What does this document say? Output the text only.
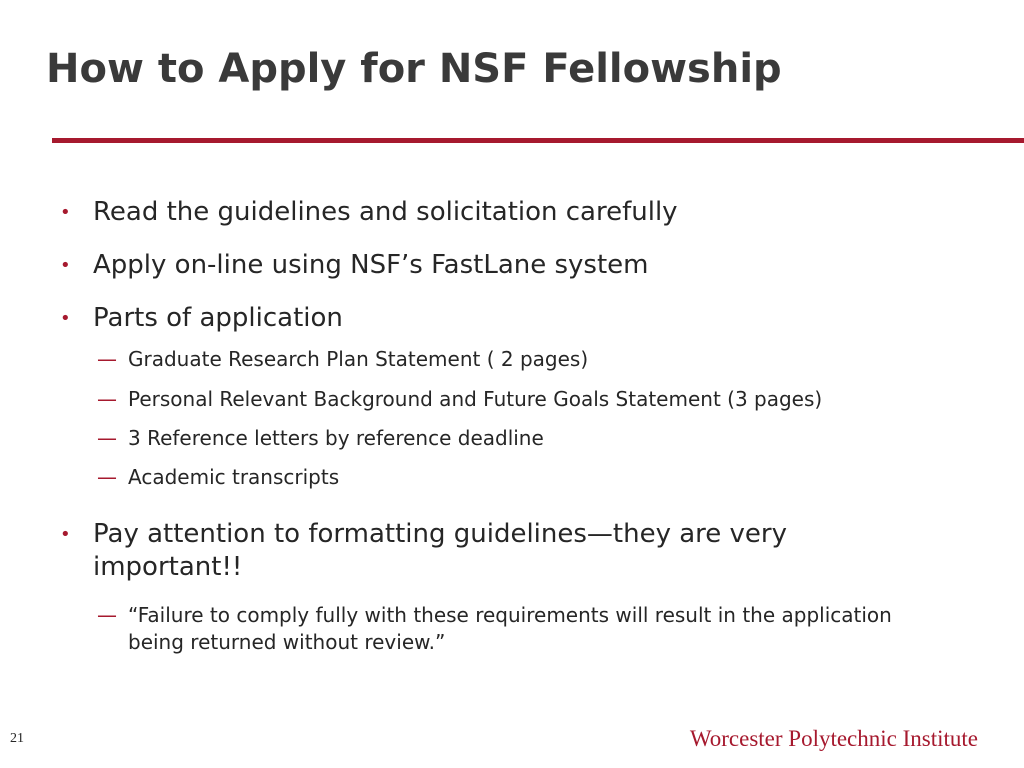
How to Apply for NSF Fellowship
• Read the guidelines and solicitation carefully
• Apply on-line using NSF’s FastLane system
• Parts of application
— Graduate Research Plan Statement ( 2 pages)
— Personal Relevant Background and Future Goals Statement (3 pages)
— 3 Reference letters by reference deadline
— Academic transcripts
• Pay attention to formatting guidelines—they are very important!!
— “Failure to comply fully with these requirements will result in the application being returned without review.”
21	Worcester Polytechnic Institute
